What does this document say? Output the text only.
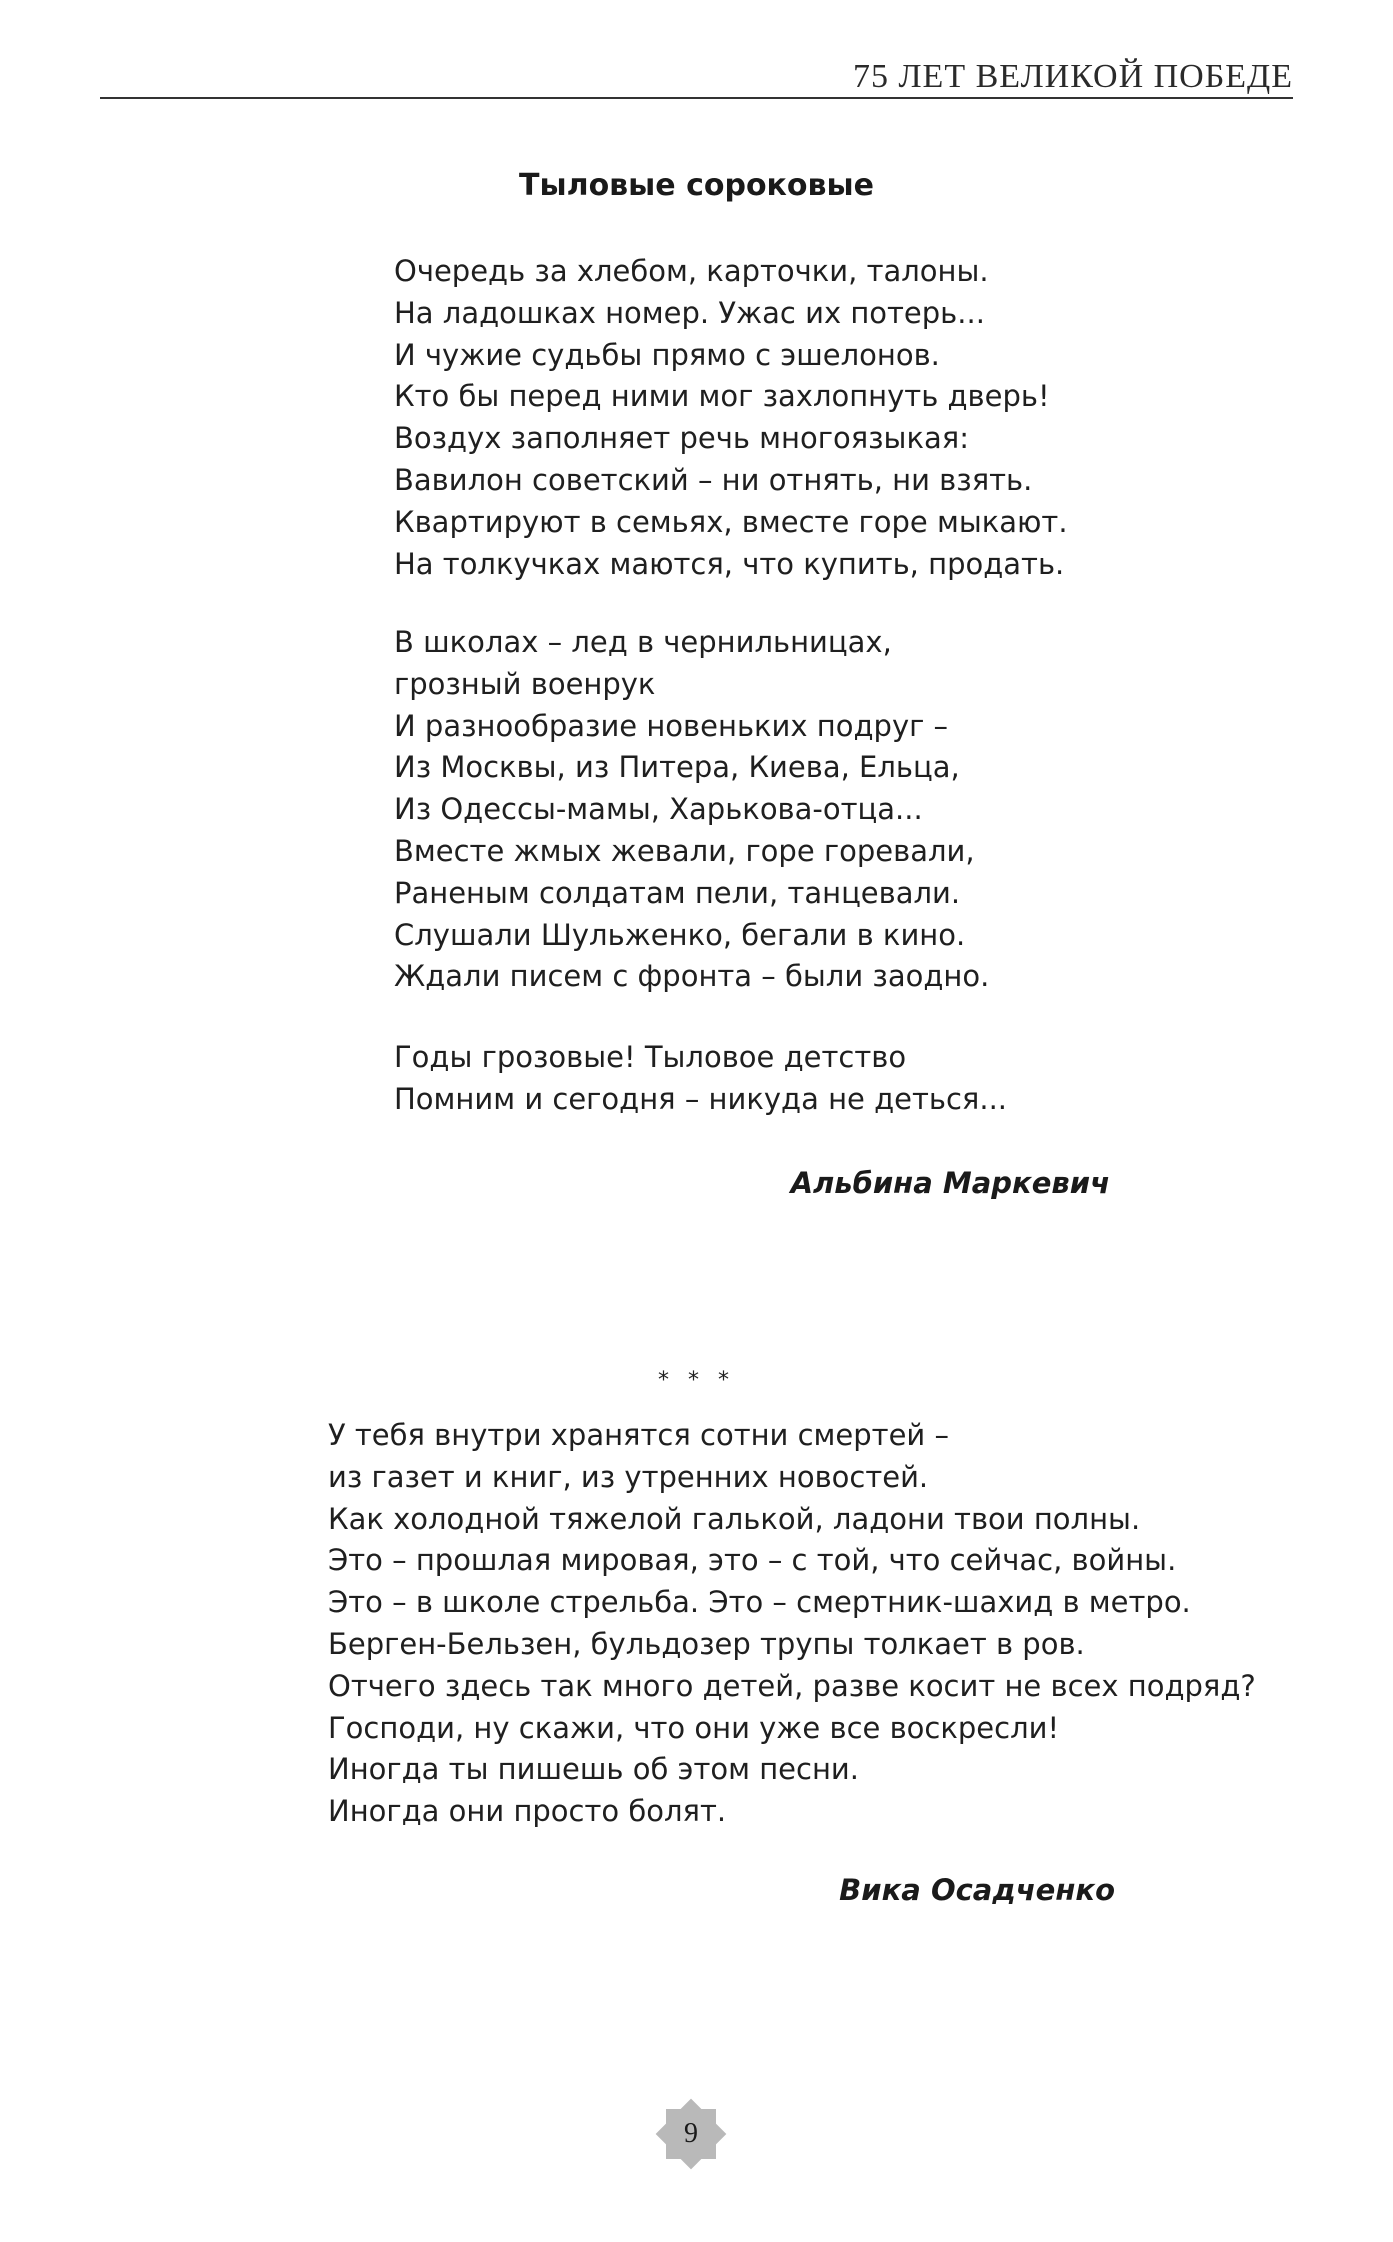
75 ЛЕТ ВЕЛИКОЙ ПОБЕДЕ
Тыловые сороковые
Очередь за хлебом, карточки, талоны.
На ладошках номер. Ужас их потерь...
И чужие судьбы прямо с эшелонов.
Кто бы перед ними мог захлопнуть дверь!
Воздух заполняет речь многоязыкая:
Вавилон советский – ни отнять, ни взять.
Квартируют в семьях, вместе горе мыкают.
На толкучках маются, что купить, продать.
В школах – лед в чернильницах,
грозный военрук
И разнообразие новеньких подруг –
Из Москвы, из Питера, Киева, Ельца,
Из Одессы-мамы, Харькова-отца...
Вместе жмых жевали, горе горевали,
Раненым солдатам пели, танцевали.
Слушали Шульженко, бегали в кино.
Ждали писем с фронта – были заодно.
Годы грозовые! Тыловое детство
Помним и сегодня – никуда не деться...
Альбина Маркевич
* * *
У тебя внутри хранятся сотни смертей –
из газет и книг, из утренних новостей.
Как холодной тяжелой галькой, ладони твои полны.
Это – прошлая мировая, это – с той, что сейчас, войны.
Это – в школе стрельба. Это – смертник-шахид в метро.
Берген-Бельзен, бульдозер трупы толкает в ров.
Отчего здесь так много детей, разве косит не всех подряд?
Господи, ну скажи, что они уже все воскресли!
Иногда ты пишешь об этом песни.
Иногда они просто болят.
Вика Осадченко
9
